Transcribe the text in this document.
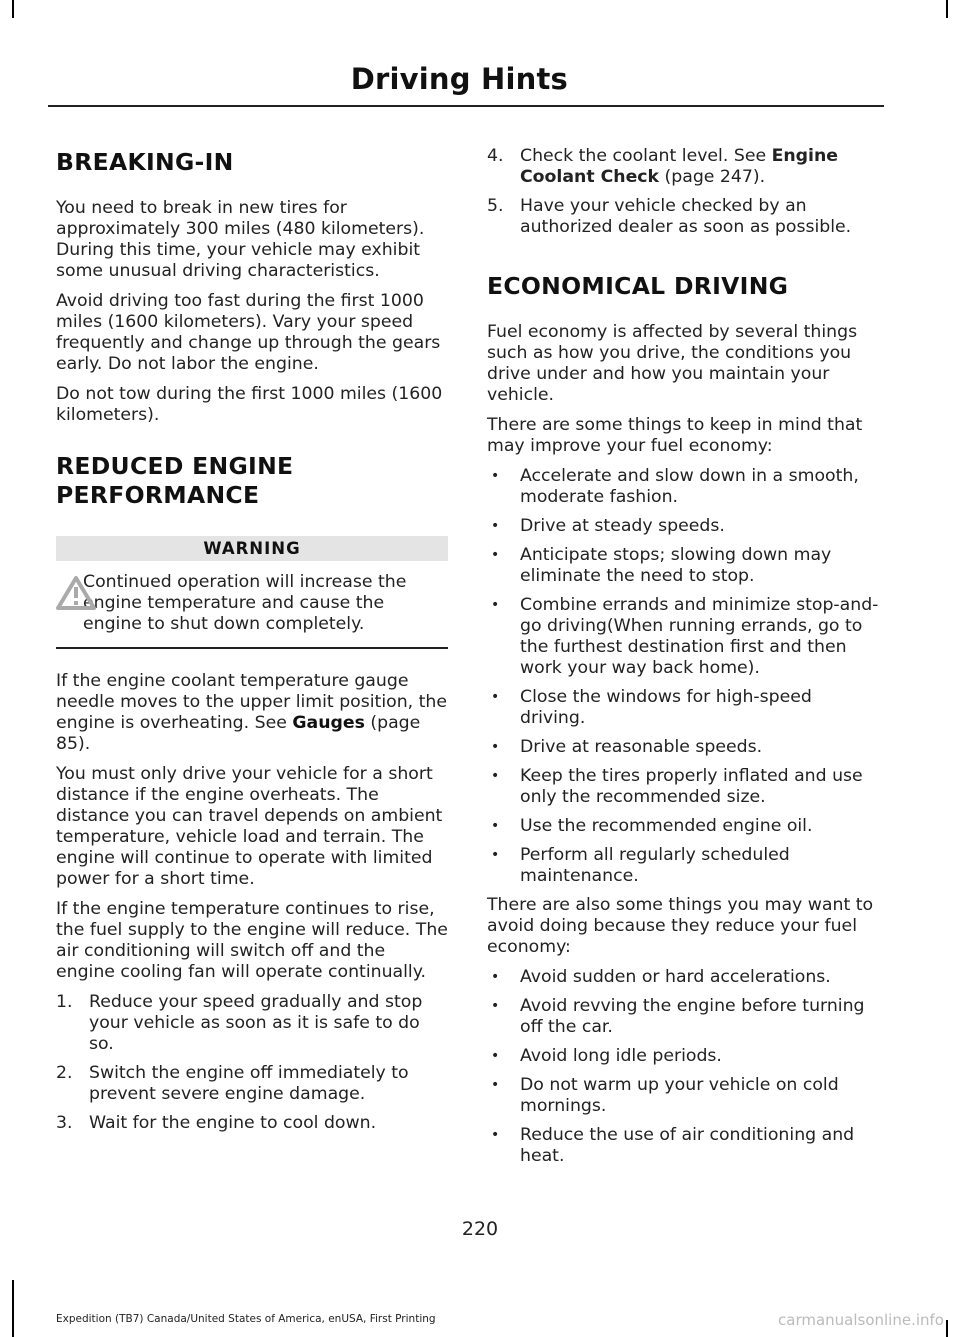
Driving Hints
BREAKING-IN

You need to break in new tires for approximately 300 miles (480 kilometers). During this time, your vehicle may exhibit some unusual driving characteristics.

Avoid driving too fast during the first 1000 miles (1600 kilometers). Vary your speed frequently and change up through the gears early. Do not labor the engine.

Do not tow during the first 1000 miles (1600 kilometers).

REDUCED ENGINE
PERFORMANCE
WARNING
Continued operation will increase the engine temperature and cause the engine to shut down completely.

If the engine coolant temperature gauge needle moves to the upper limit position, the engine is overheating. See Gauges (page 85).

You must only drive your vehicle for a short distance if the engine overheats. The distance you can travel depends on ambient temperature, vehicle load and terrain. The engine will continue to operate with limited power for a short time.

If the engine temperature continues to rise, the fuel supply to the engine will reduce. The air conditioning will switch off and the engine cooling fan will operate continually.

1. Reduce your speed gradually and stop your vehicle as soon as it is safe to do so.
2. Switch the engine off immediately to prevent severe engine damage.
3. Wait for the engine to cool down.
4. Check the coolant level. See Engine Coolant Check (page 247).
5. Have your vehicle checked by an authorized dealer as soon as possible.
ECONOMICAL DRIVING

Fuel economy is affected by several things such as how you drive, the conditions you drive under and how you maintain your vehicle.

There are some things to keep in mind that may improve your fuel economy:

• Accelerate and slow down in a smooth, moderate fashion.
• Drive at steady speeds.
• Anticipate stops; slowing down may eliminate the need to stop.
• Combine errands and minimize stop-and-go driving(When running errands, go to the furthest destination first and then work your way back home).
• Close the windows for high-speed driving.
• Drive at reasonable speeds.
• Keep the tires properly inflated and use only the recommended size.
• Use the recommended engine oil.
• Perform all regularly scheduled maintenance.

There are also some things you may want to avoid doing because they reduce your fuel economy:

• Avoid sudden or hard accelerations.
• Avoid revving the engine before turning off the car.
• Avoid long idle periods.
• Do not warm up your vehicle on cold mornings.
• Reduce the use of air conditioning and heat.
220
Expedition (TB7) Canada/United States of America, enUSA, First Printing	carmanualsonline.info
